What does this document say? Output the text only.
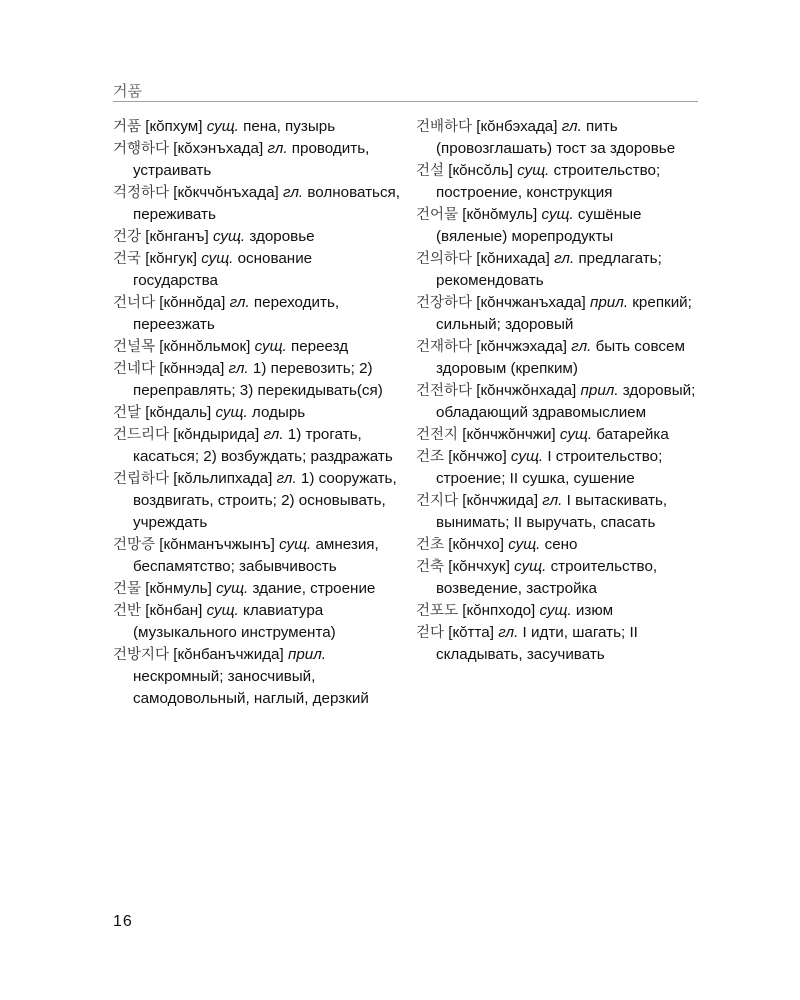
거품

거품 [кŏпхум] сущ. пена, пузырь

거행하다 [кŏхэнъхада] гл. проводить, устраивать

걱정하다 [кŏкччŏнъхада] гл. волноваться, переживать

건강 [кŏнганъ] сущ. здоровье

건국 [кŏнгук] сущ. основание государства

건너다 [кŏннŏда] гл. переходить, переезжать

건널목 [кŏннŏльмок] сущ. переезд

건네다 [кŏннэда] гл. 1) перевозить; 2) переправлять; 3) перекидывать(ся)

건달 [кŏндаль] сущ. лодырь

건드리다 [кŏндырида] гл. 1) трогать, касаться; 2) возбуждать; раздражать

건립하다 [кŏльлипхада] гл. 1) сооружать, воздвигать, строить; 2) основывать, учреждать

건망증 [кŏнманъчжынъ] сущ. амнезия, беспамятство; забывчивость

건물 [кŏнмуль] сущ. здание, строение

건반 [кŏнбан] сущ. клавиатура (музыкального инструмента)

건방지다 [кŏнбанъчжида] прил. нескромный; заносчивый, самодовольный, наглый, дерзкий

건배하다 [кŏнбэхада] гл. пить (провозглашать) тост за здоровье

건설 [кŏнсŏль] сущ. строительство; построение, конструкция

건어물 [кŏнŏмуль] сущ. сушёные (вяленые) морепродукты

건의하다 [кŏнихада] гл. предлагать; рекомендовать

건장하다 [кŏнчжанъхада] прил. крепкий; сильный; здоровый

건재하다 [кŏнчжэхада] гл. быть совсем здоровым (крепким)

건전하다 [кŏнчжŏнхада] прил. здоровый; обладающий здравомыслием

건전지 [кŏнчжŏнчжи] сущ. батарейка

건조 [кŏнчжо] сущ. I строительство; строение; II сушка, сушение

건지다 [кŏнчжида] гл. I вытаскивать, вынимать; II выручать, спасать

건초 [кŏнчхо] сущ. сено

건축 [кŏнчхук] сущ. строительство, возведение, застройка

건포도 [кŏнпходо] сущ. изюм

걷다 [кŏтта] гл. I идти, шагать; II складывать, засучивать

16
